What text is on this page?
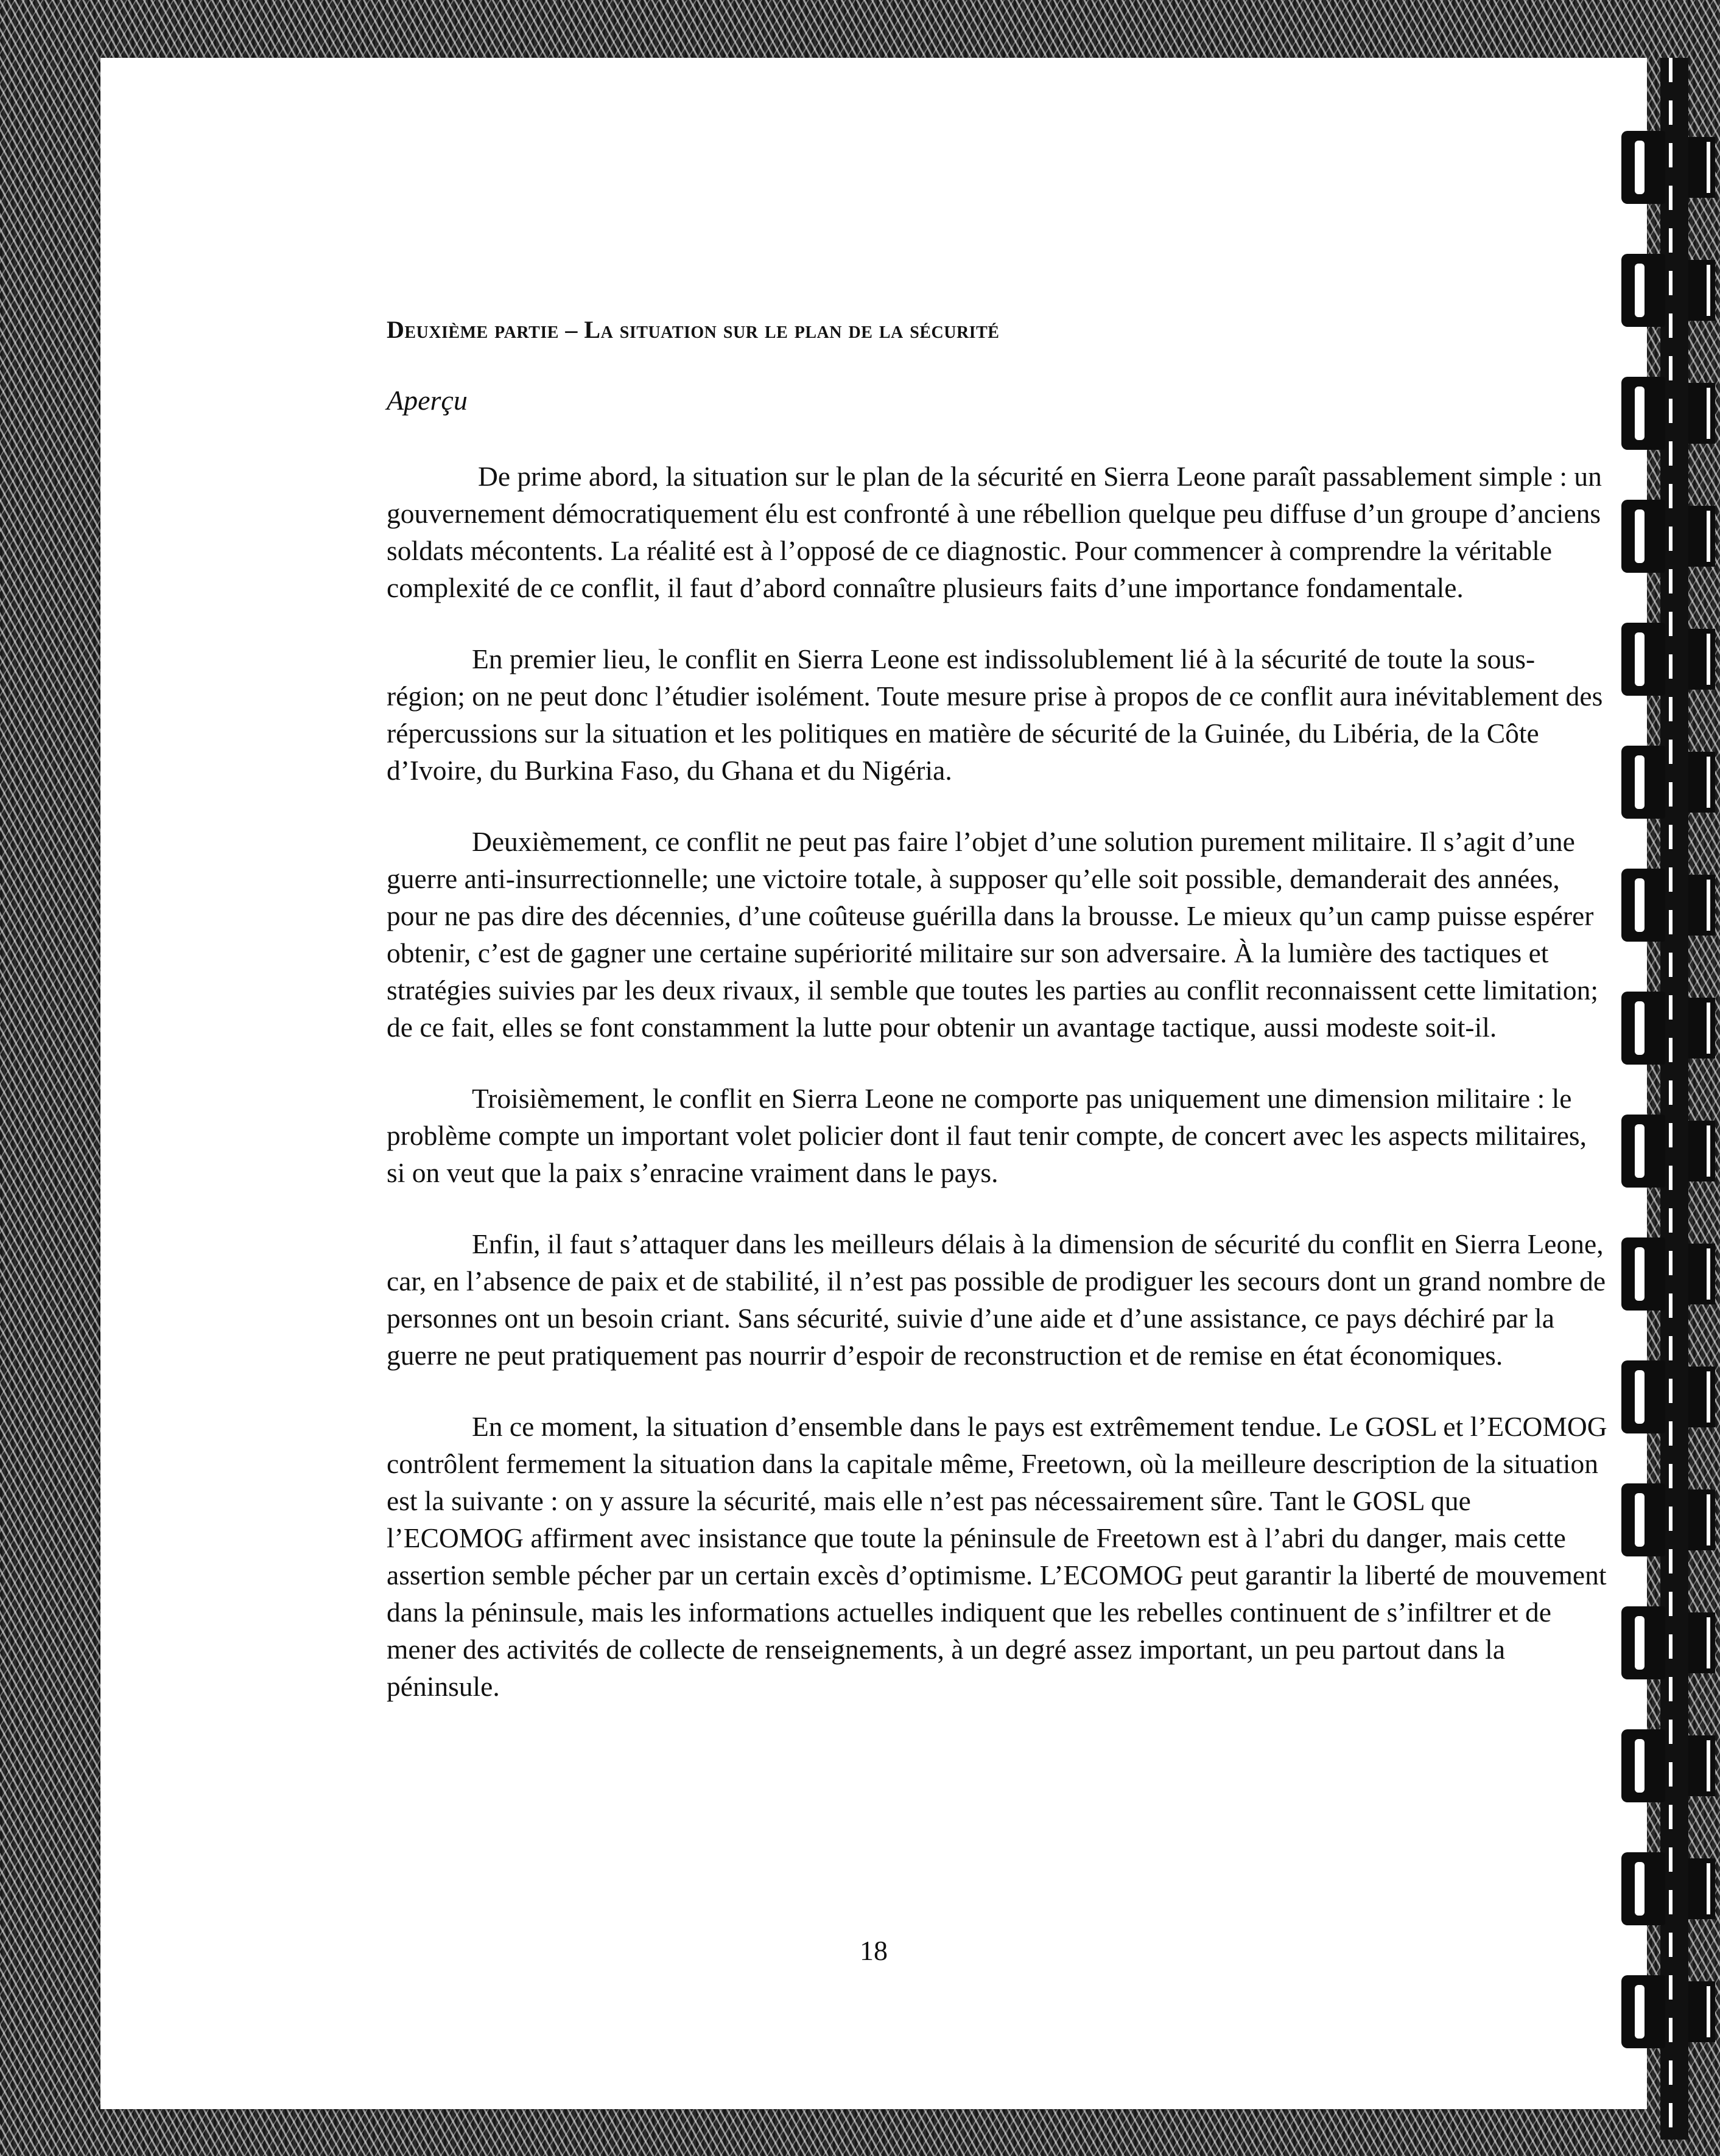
Deuxième partie – La situation sur le plan de la sécurité
Aperçu

De prime abord, la situation sur le plan de la sécurité en Sierra Leone paraît passablement simple : un gouvernement démocratiquement élu est confronté à une rébellion quelque peu diffuse d’un groupe d’anciens soldats mécontents. La réalité est à l’opposé de ce diagnostic. Pour commencer à comprendre la véritable complexité de ce conflit, il faut d’abord connaître plusieurs faits d’une importance fondamentale.

En premier lieu, le conflit en Sierra Leone est indissolublement lié à la sécurité de toute la sous-région; on ne peut donc l’étudier isolément. Toute mesure prise à propos de ce conflit aura inévitablement des répercussions sur la situation et les politiques en matière de sécurité de la Guinée, du Libéria, de la Côte d’Ivoire, du Burkina Faso, du Ghana et du Nigéria.

Deuxièmement, ce conflit ne peut pas faire l’objet d’une solution purement militaire. Il s’agit d’une guerre anti-insurrectionnelle; une victoire totale, à supposer qu’elle soit possible, demanderait des années, pour ne pas dire des décennies, d’une coûteuse guérilla dans la brousse. Le mieux qu’un camp puisse espérer obtenir, c’est de gagner une certaine supériorité militaire sur son adversaire. À la lumière des tactiques et stratégies suivies par les deux rivaux, il semble que toutes les parties au conflit reconnaissent cette limitation; de ce fait, elles se font constamment la lutte pour obtenir un avantage tactique, aussi modeste soit-il.

Troisièmement, le conflit en Sierra Leone ne comporte pas uniquement une dimension militaire : le problème compte un important volet policier dont il faut tenir compte, de concert avec les aspects militaires, si on veut que la paix s’enracine vraiment dans le pays.

Enfin, il faut s’attaquer dans les meilleurs délais à la dimension de sécurité du conflit en Sierra Leone, car, en l’absence de paix et de stabilité, il n’est pas possible de prodiguer les secours dont un grand nombre de personnes ont un besoin criant. Sans sécurité, suivie d’une aide et d’une assistance, ce pays déchiré par la guerre ne peut pratiquement pas nourrir d’espoir de reconstruction et de remise en état économiques.

En ce moment, la situation d’ensemble dans le pays est extrêmement tendue. Le GOSL et l’ECOMOG contrôlent fermement la situation dans la capitale même, Freetown, où la meilleure description de la situation est la suivante : on y assure la sécurité, mais elle n’est pas nécessairement sûre. Tant le GOSL que l’ECOMOG affirment avec insistance que toute la péninsule de Freetown est à l’abri du danger, mais cette assertion semble pécher par un certain excès d’optimisme. L’ECOMOG peut garantir la liberté de mouvement dans la péninsule, mais les informations actuelles indiquent que les rebelles continuent de s’infiltrer et de mener des activités de collecte de renseignements, à un degré assez important, un peu partout dans la péninsule.

18
